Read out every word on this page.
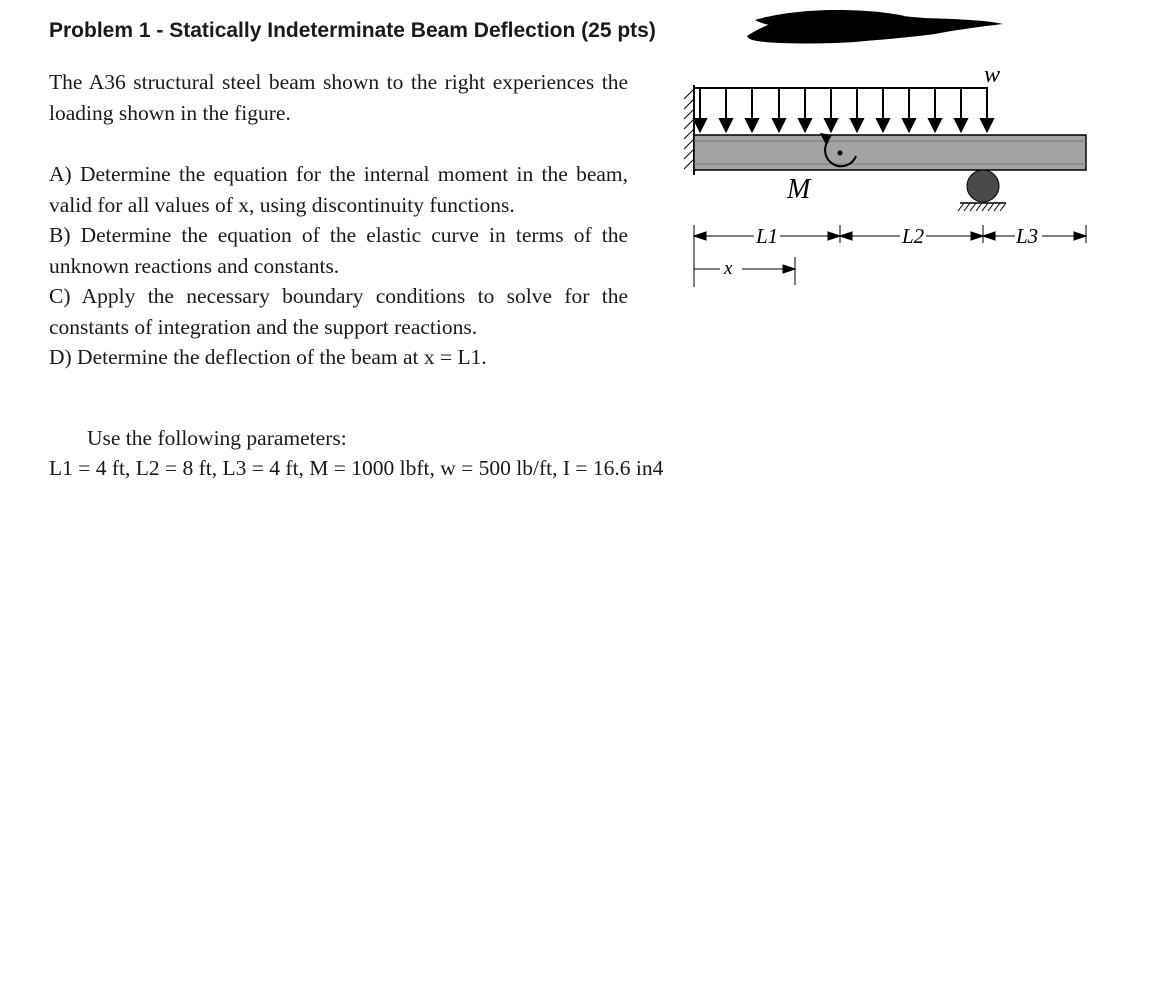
Problem 1 - Statically Indeterminate Beam Deflection (25 pts)
The A36 structural steel beam shown to the right experiences the loading shown in the figure.

A) Determine the equation for the internal moment in the beam, valid for all values of x, using discontinuity functions.

B) Determine the equation of the elastic curve in terms of the unknown reactions and constants.

C) Apply the necessary boundary conditions to solve for the constants of integration and the support reactions.

D) Determine the deflection of the beam at x = L1.

Use the following parameters:
L1 = 4 ft, L2 = 8 ft, L3 = 4 ft, M = 1000 lbft, w = 500 lb/ft, I = 16.6 in4
w
M
L1	L2	L3
x
